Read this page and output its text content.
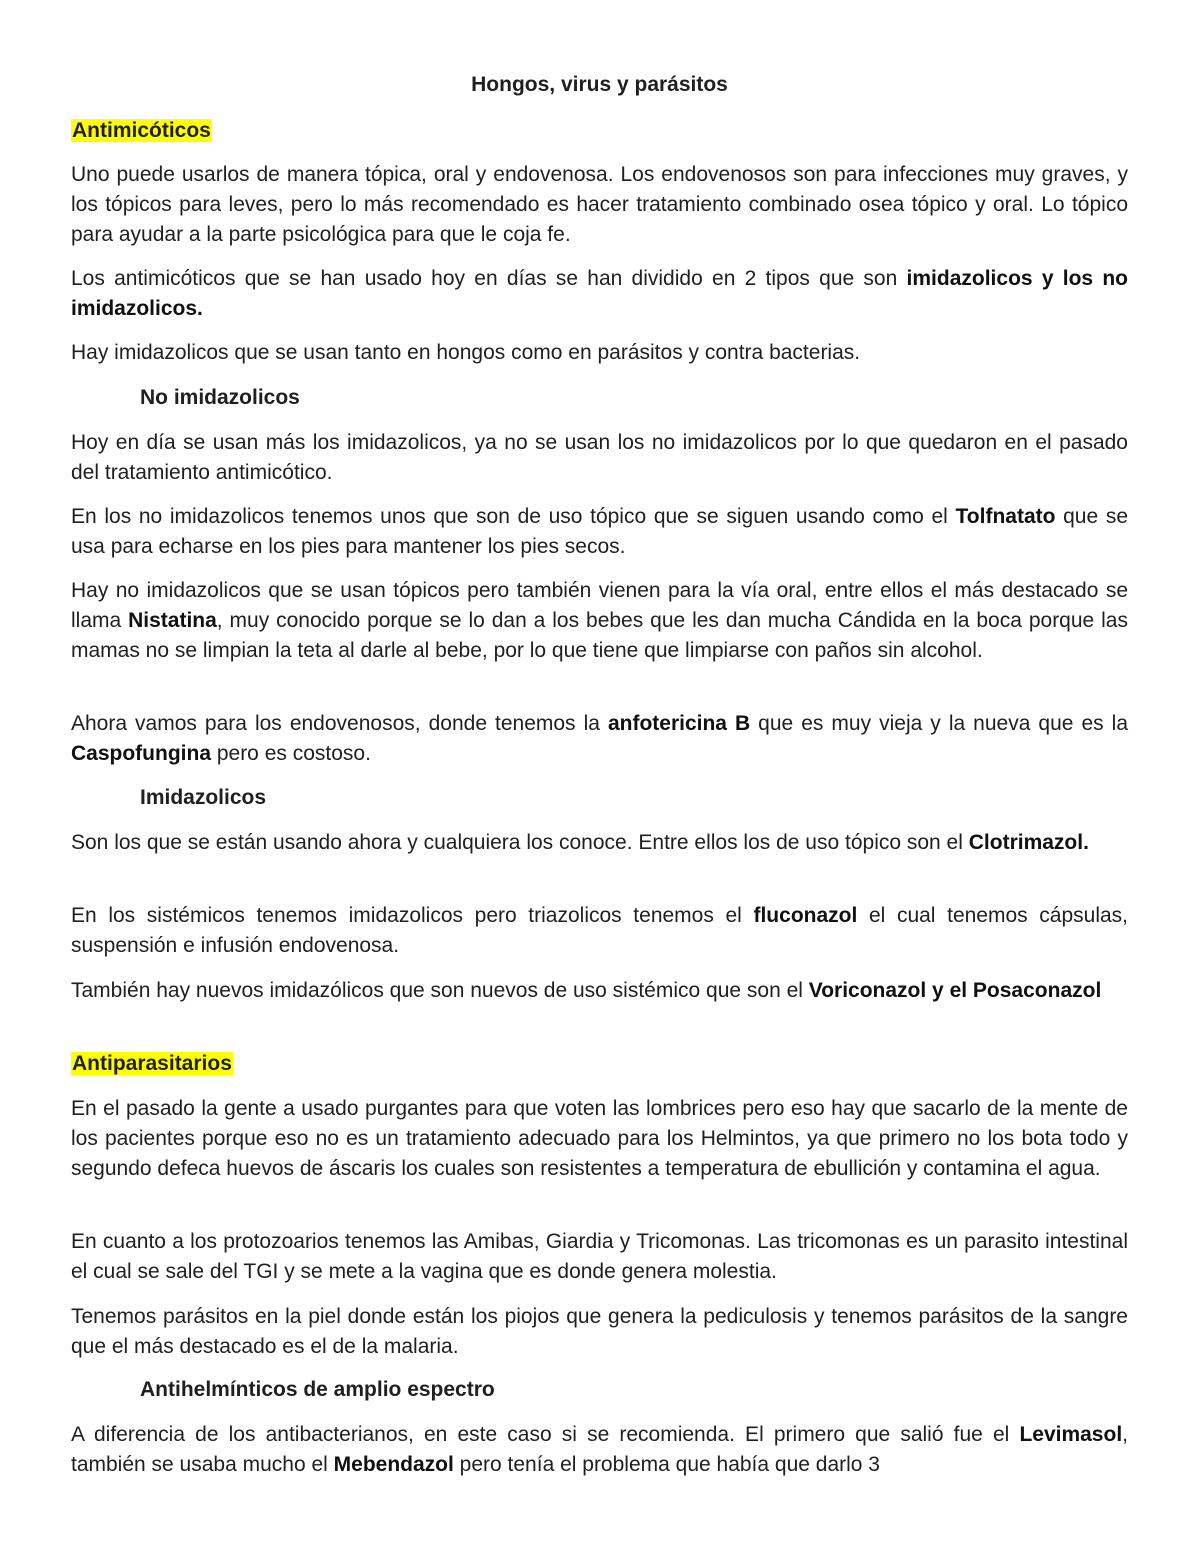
Hongos, virus y parásitos
Antimicóticos

Uno puede usarlos de manera tópica, oral y endovenosa. Los endovenosos son para infecciones muy graves, y los tópicos para leves, pero lo más recomendado es hacer tratamiento combinado osea tópico y oral. Lo tópico para ayudar a la parte psicológica para que le coja fe.

Los antimicóticos que se han usado hoy en días se han dividido en 2 tipos que son imidazolicos y los no imidazolicos.

Hay imidazolicos que se usan tanto en hongos como en parásitos y contra bacterias.

No imidazolicos

Hoy en día se usan más los imidazolicos, ya no se usan los no imidazolicos por lo que quedaron en el pasado del tratamiento antimicótico.

En los no imidazolicos tenemos unos que son de uso tópico que se siguen usando como el Tolfnatato que se usa para echarse en los pies para mantener los pies secos.

Hay no imidazolicos que se usan tópicos pero también vienen para la vía oral, entre ellos el más destacado se llama Nistatina, muy conocido porque se lo dan a los bebes que les dan mucha Cándida en la boca porque las mamas no se limpian la teta al darle al bebe, por lo que tiene que limpiarse con paños sin alcohol.

Ahora vamos para los endovenosos, donde tenemos la anfotericina B que es muy vieja y la nueva que es la Caspofungina pero es costoso.

Imidazolicos

Son los que se están usando ahora y cualquiera los conoce. Entre ellos los de uso tópico son el Clotrimazol.

En los sistémicos tenemos imidazolicos pero triazolicos tenemos el fluconazol el cual tenemos cápsulas, suspensión e infusión endovenosa.

También hay nuevos imidazólicos que son nuevos de uso sistémico que son el Voriconazol y el Posaconazol

Antiparasitarios

En el pasado la gente a usado purgantes para que voten las lombrices pero eso hay que sacarlo de la mente de los pacientes porque eso no es un tratamiento adecuado para los Helmintos, ya que primero no los bota todo y segundo defeca huevos de áscaris los cuales son resistentes a temperatura de ebullición y contamina el agua.

En cuanto a los protozoarios tenemos las Amibas, Giardia y Tricomonas. Las tricomonas es un parasito intestinal el cual se sale del TGI y se mete a la vagina que es donde genera molestia.

Tenemos parásitos en la piel donde están los piojos que genera la pediculosis y tenemos parásitos de la sangre que el más destacado es el de la malaria.

Antihelmínticos de amplio espectro

A diferencia de los antibacterianos, en este caso si se recomienda. El primero que salió fue el Levimasol, también se usaba mucho el Mebendazol pero tenía el problema que había que darlo 3
